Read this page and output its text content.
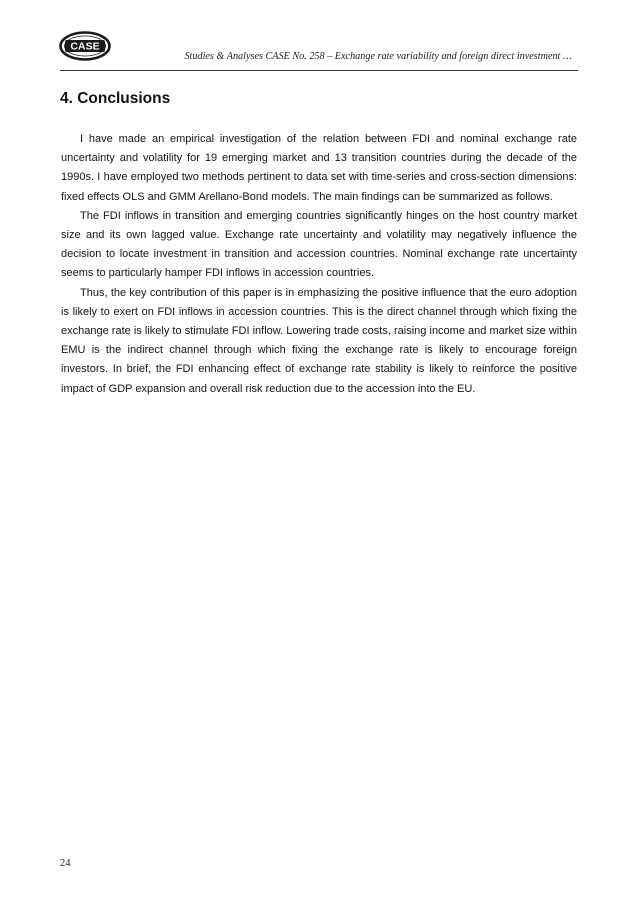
CASE
Studies & Analyses CASE No. 258 – Exchange rate variability and foreign direct investment …
4. Conclusions

I have made an empirical investigation of the relation between FDI and nominal exchange rate uncertainty and volatility for 19 emerging market and 13 transition countries during the decade of the 1990s. I have employed two methods pertinent to data set with time-series and cross-section dimensions: fixed effects OLS and GMM Arellano-Bond models. The main findings can be summarized as follows.

The FDI inflows in transition and emerging countries significantly hinges on the host country market size and its own lagged value. Exchange rate uncertainty and volatility may negatively influence the decision to locate investment in transition and accession countries. Nominal exchange rate uncertainty seems to particularly hamper FDI inflows in accession countries.

Thus, the key contribution of this paper is in emphasizing the positive influence that the euro adoption is likely to exert on FDI inflows in accession countries. This is the direct channel through which fixing the exchange rate is likely to stimulate FDI inflow. Lowering trade costs, raising income and market size within EMU is the indirect channel through which fixing the exchange rate is likely to encourage foreign investors. In brief, the FDI enhancing effect of exchange rate stability is likely to reinforce the positive impact of GDP expansion and overall risk reduction due to the accession into the EU.

24
